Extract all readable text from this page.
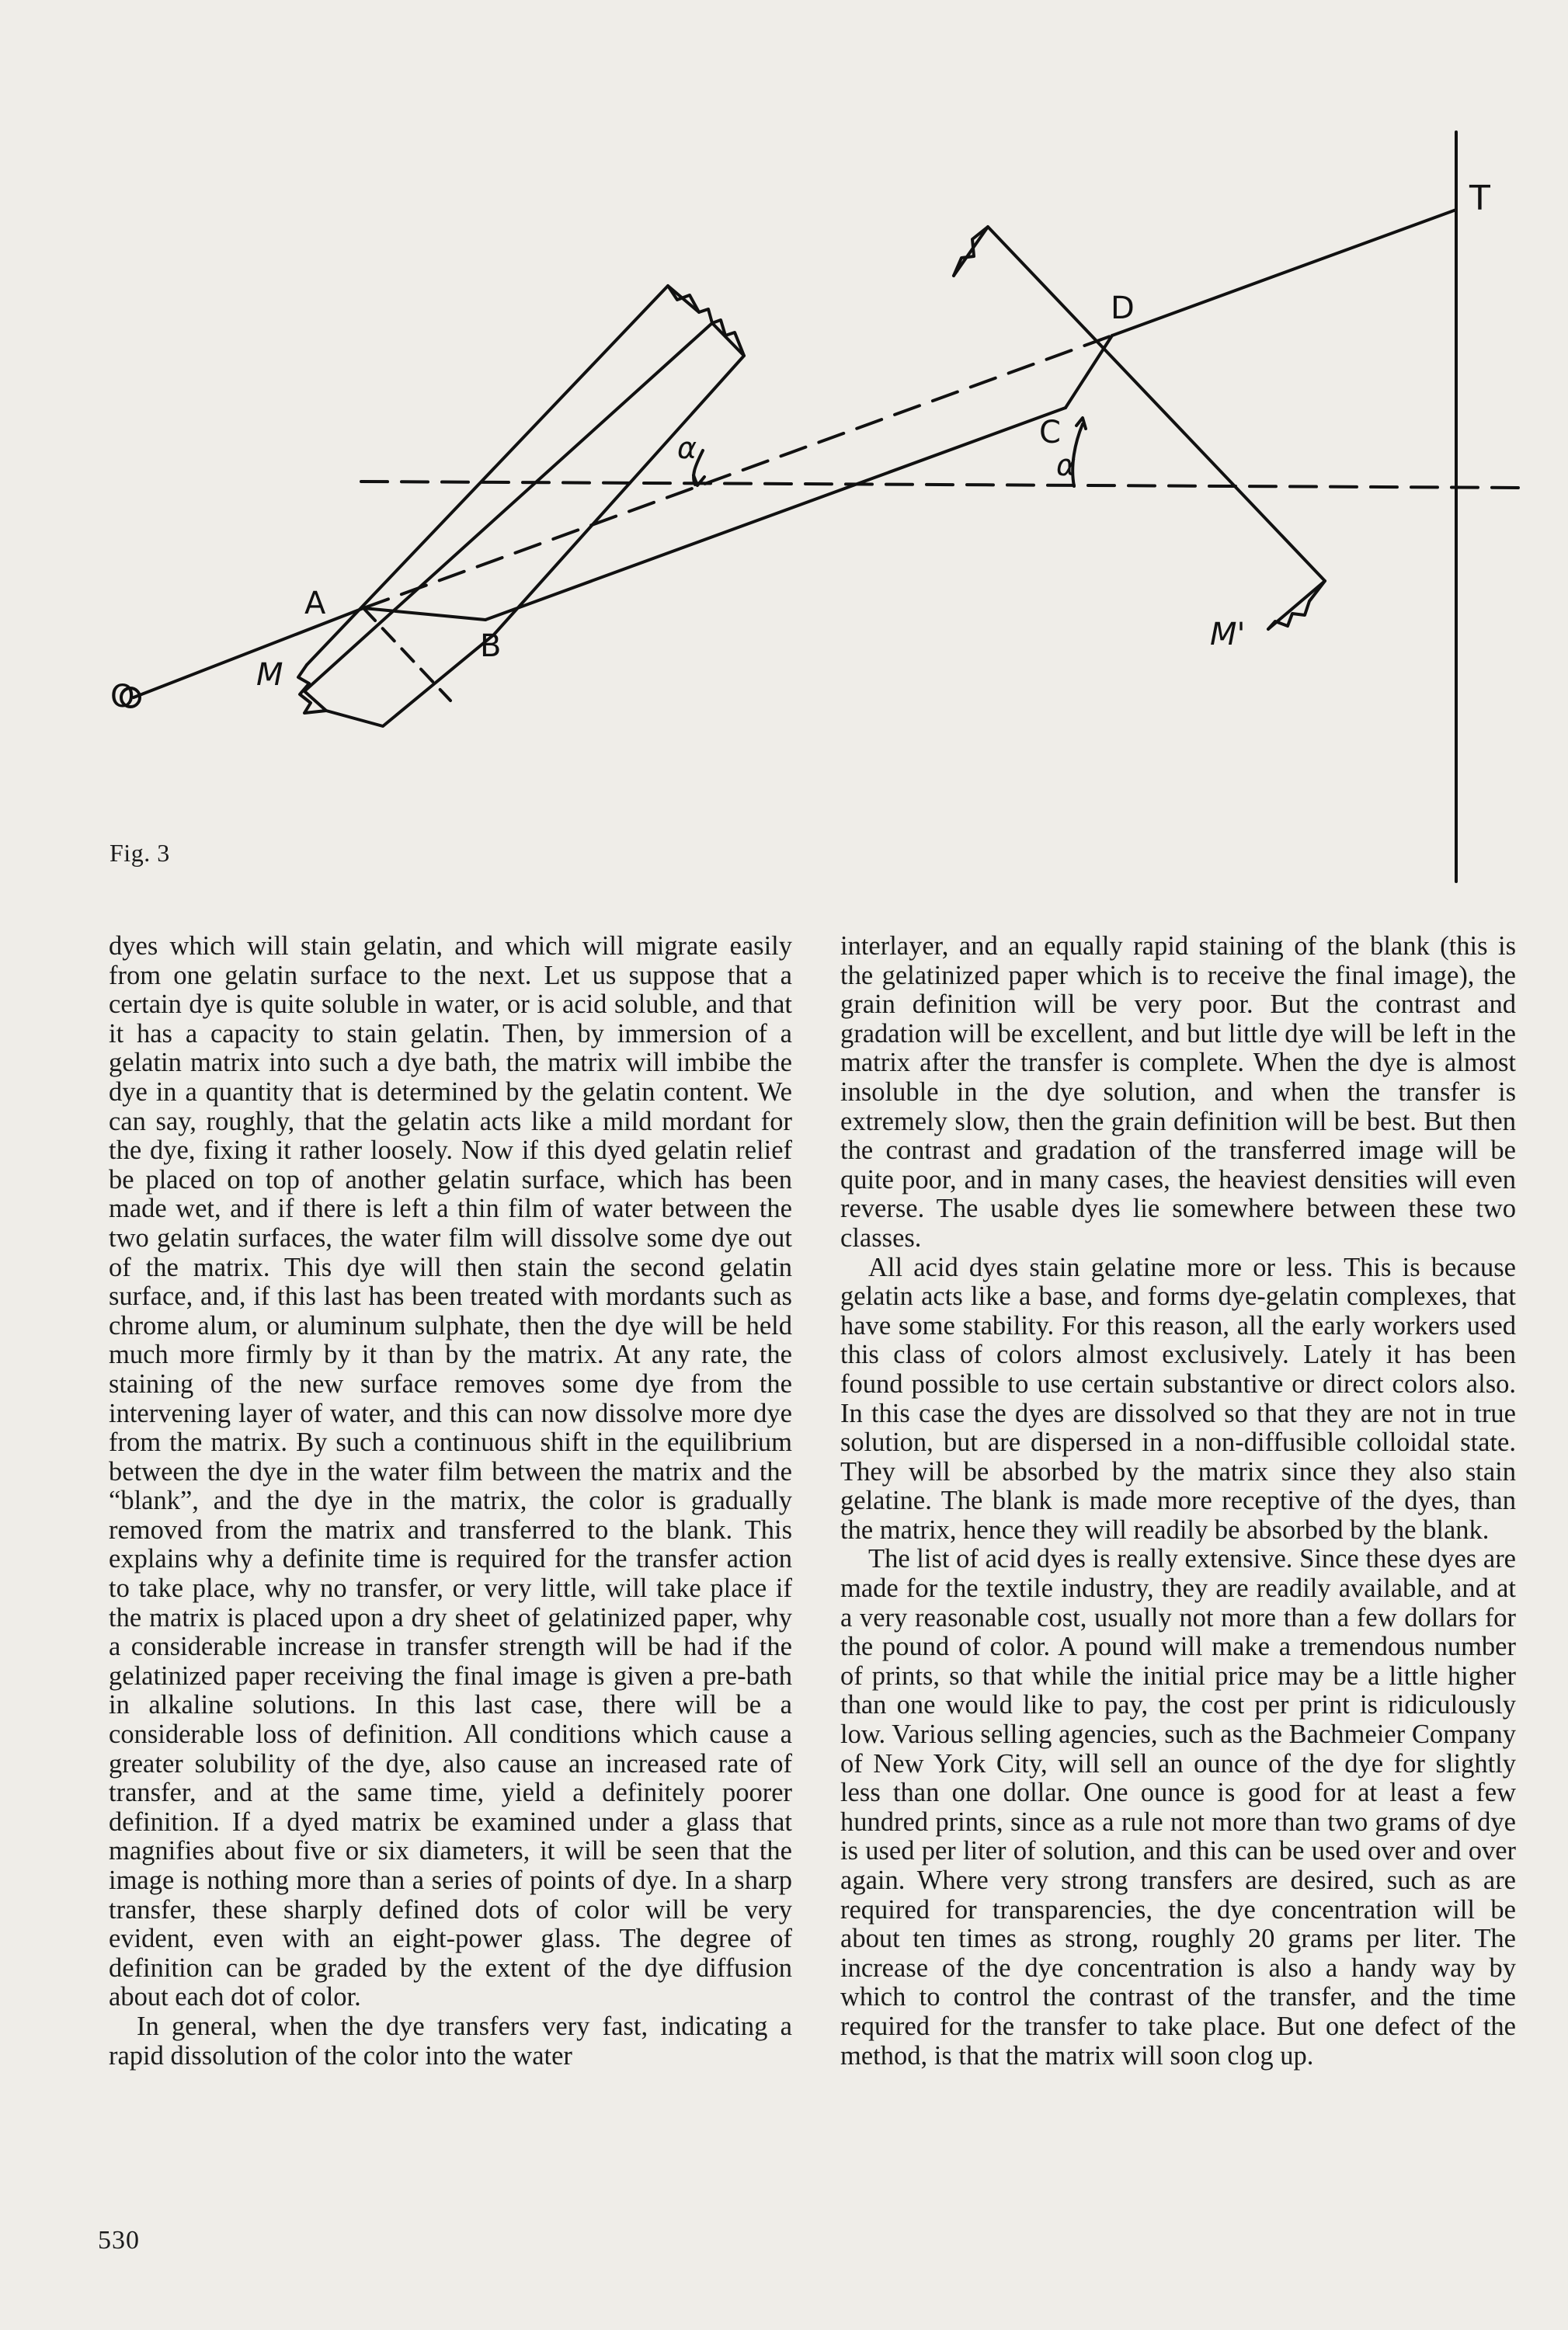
O
A
B
C
D
T
M
M'
α	α
Fig. 3

dyes which will stain gelatin, and which will migrate easily from one gelatin surface to the next. Let us suppose that a certain dye is quite soluble in water, or is acid soluble, and that it has a capacity to stain gelatin. Then, by immersion of a gelatin matrix into such a dye bath, the matrix will imbibe the dye in a quantity that is determined by the gelatin content. We can say, roughly, that the gelatin acts like a mild mordant for the dye, fixing it rather loosely. Now if this dyed gelatin relief be placed on top of another gelatin surface, which has been made wet, and if there is left a thin film of water between the two gelatin surfaces, the water film will dissolve some dye out of the matrix. This dye will then stain the second gelatin surface, and, if this last has been treated with mordants such as chrome alum, or aluminum sulphate, then the dye will be held much more firmly by it than by the matrix. At any rate, the staining of the new surface removes some dye from the intervening layer of water, and this can now dissolve more dye from the matrix. By such a continuous shift in the equilibrium between the dye in the water film between the matrix and the “blank”, and the dye in the matrix, the color is gradually removed from the matrix and transferred to the blank. This explains why a definite time is required for the transfer action to take place, why no transfer, or very little, will take place if the matrix is placed upon a dry sheet of gelatinized paper, why a considerable increase in transfer strength will be had if the gelatinized paper receiving the final image is given a pre-bath in alkaline solutions. In this last case, there will be a considerable loss of definition. All conditions which cause a greater solubility of the dye, also cause an increased rate of transfer, and at the same time, yield a definitely poorer definition. If a dyed matrix be examined under a glass that magnifies about five or six diameters, it will be seen that the image is nothing more than a series of points of dye. In a sharp transfer, these sharply defined dots of color will be very evident, even with an eight-power glass. The degree of definition can be graded by the extent of the dye diffusion about each dot of color.

In general, when the dye transfers very fast, indicating a rapid dissolution of the color into the water

interlayer, and an equally rapid staining of the blank (this is the gelatinized paper which is to receive the final image), the grain definition will be very poor. But the contrast and gradation will be excellent, and but little dye will be left in the matrix after the transfer is complete. When the dye is almost insoluble in the dye solution, and when the transfer is extremely slow, then the grain definition will be best. But then the contrast and gradation of the transferred image will be quite poor, and in many cases, the heaviest densities will even reverse. The usable dyes lie somewhere between these two classes.

All acid dyes stain gelatine more or less. This is because gelatin acts like a base, and forms dye-gelatin complexes, that have some stability. For this reason, all the early workers used this class of colors almost exclusively. Lately it has been found possible to use certain substantive or direct colors also. In this case the dyes are dissolved so that they are not in true solution, but are dispersed in a non-diffusible colloidal state. They will be absorbed by the matrix since they also stain gelatine. The blank is made more receptive of the dyes, than the matrix, hence they will readily be absorbed by the blank.

The list of acid dyes is really extensive. Since these dyes are made for the textile industry, they are readily available, and at a very reasonable cost, usually not more than a few dollars for the pound of color. A pound will make a tremendous number of prints, so that while the initial price may be a little higher than one would like to pay, the cost per print is ridiculously low. Various selling agencies, such as the Bachmeier Company of New York City, will sell an ounce of the dye for slightly less than one dollar. One ounce is good for at least a few hundred prints, since as a rule not more than two grams of dye is used per liter of solution, and this can be used over and over again. Where very strong transfers are desired, such as are required for transparencies, the dye concentration will be about ten times as strong, roughly 20 grams per liter. The increase of the dye concentration is also a handy way by which to control the contrast of the transfer, and the time required for the transfer to take place. But one defect of the method, is that the matrix will soon clog up.

530
